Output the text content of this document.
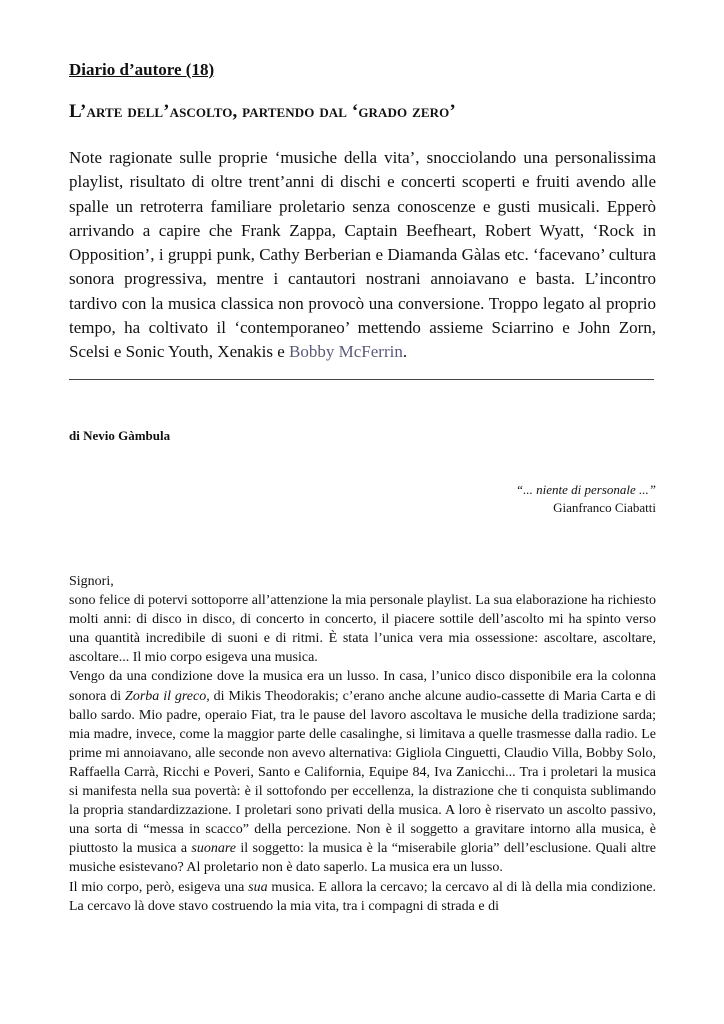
Diario d’autore (18)
L’arte dell’ascolto, partendo dal ‘grado zero’

Note ragionate sulle proprie ‘musiche della vita’, snocciolando una personalissima playlist, risultato di oltre trent’anni di dischi e concerti scoperti e fruiti avendo alle spalle un retroterra familiare proletario senza conoscenze e gusti musicali. Epperò arrivando a capire che Frank Zappa, Captain Beefheart, Robert Wyatt, ‘Rock in Opposition’, i gruppi punk, Cathy Berberian e Diamanda Gàlas etc. ‘facevano’ cultura sonora progressiva, mentre i cantautori nostrani annoiavano e basta. L’incontro tardivo con la musica classica non provocò una conversione. Troppo legato al proprio tempo, ha coltivato il ‘contemporaneo’ mettendo assieme Sciarrino e John Zorn, Scelsi e Sonic Youth, Xenakis e Bobby McFerrin.

di Nevio Gàmbula

“... niente di personale ...”
Gianfranco Ciabatti

Signori,

sono felice di potervi sottoporre all’attenzione la mia personale playlist. La sua elaborazione ha richiesto molti anni: di disco in disco, di concerto in concerto, il piacere sottile dell’ascolto mi ha spinto verso una quantità incredibile di suoni e di ritmi. È stata l’unica vera mia ossessione: ascoltare, ascoltare, ascoltare... Il mio corpo esigeva una musica.

Vengo da una condizione dove la musica era un lusso. In casa, l’unico disco disponibile era la colonna sonora di Zorba il greco, di Mikis Theodorakis; c’erano anche alcune audio-cassette di Maria Carta e di ballo sardo. Mio padre, operaio Fiat, tra le pause del lavoro ascoltava le musiche della tradizione sarda; mia madre, invece, come la maggior parte delle casalinghe, si limitava a quelle trasmesse dalla radio. Le prime mi annoiavano, alle seconde non avevo alternativa: Gigliola Cinguetti, Claudio Villa, Bobby Solo, Raffaella Carrà, Ricchi e Poveri, Santo e California, Equipe 84, Iva Zanicchi... Tra i proletari la musica si manifesta nella sua povertà: è il sottofondo per eccellenza, la distrazione che ti conquista sublimando la propria standardizzazione. I proletari sono privati della musica. A loro è riservato un ascolto passivo, una sorta di “messa in scacco” della percezione. Non è il soggetto a gravitare intorno alla musica, è piuttosto la musica a suonare il soggetto: la musica è la “miserabile gloria” dell’esclusione. Quali altre musiche esistevano? Al proletario non è dato saperlo. La musica era un lusso.

Il mio corpo, però, esigeva una sua musica. E allora la cercavo; la cercavo al di là della mia condizione. La cercavo là dove stavo costruendo la mia vita, tra i compagni di strada e di
